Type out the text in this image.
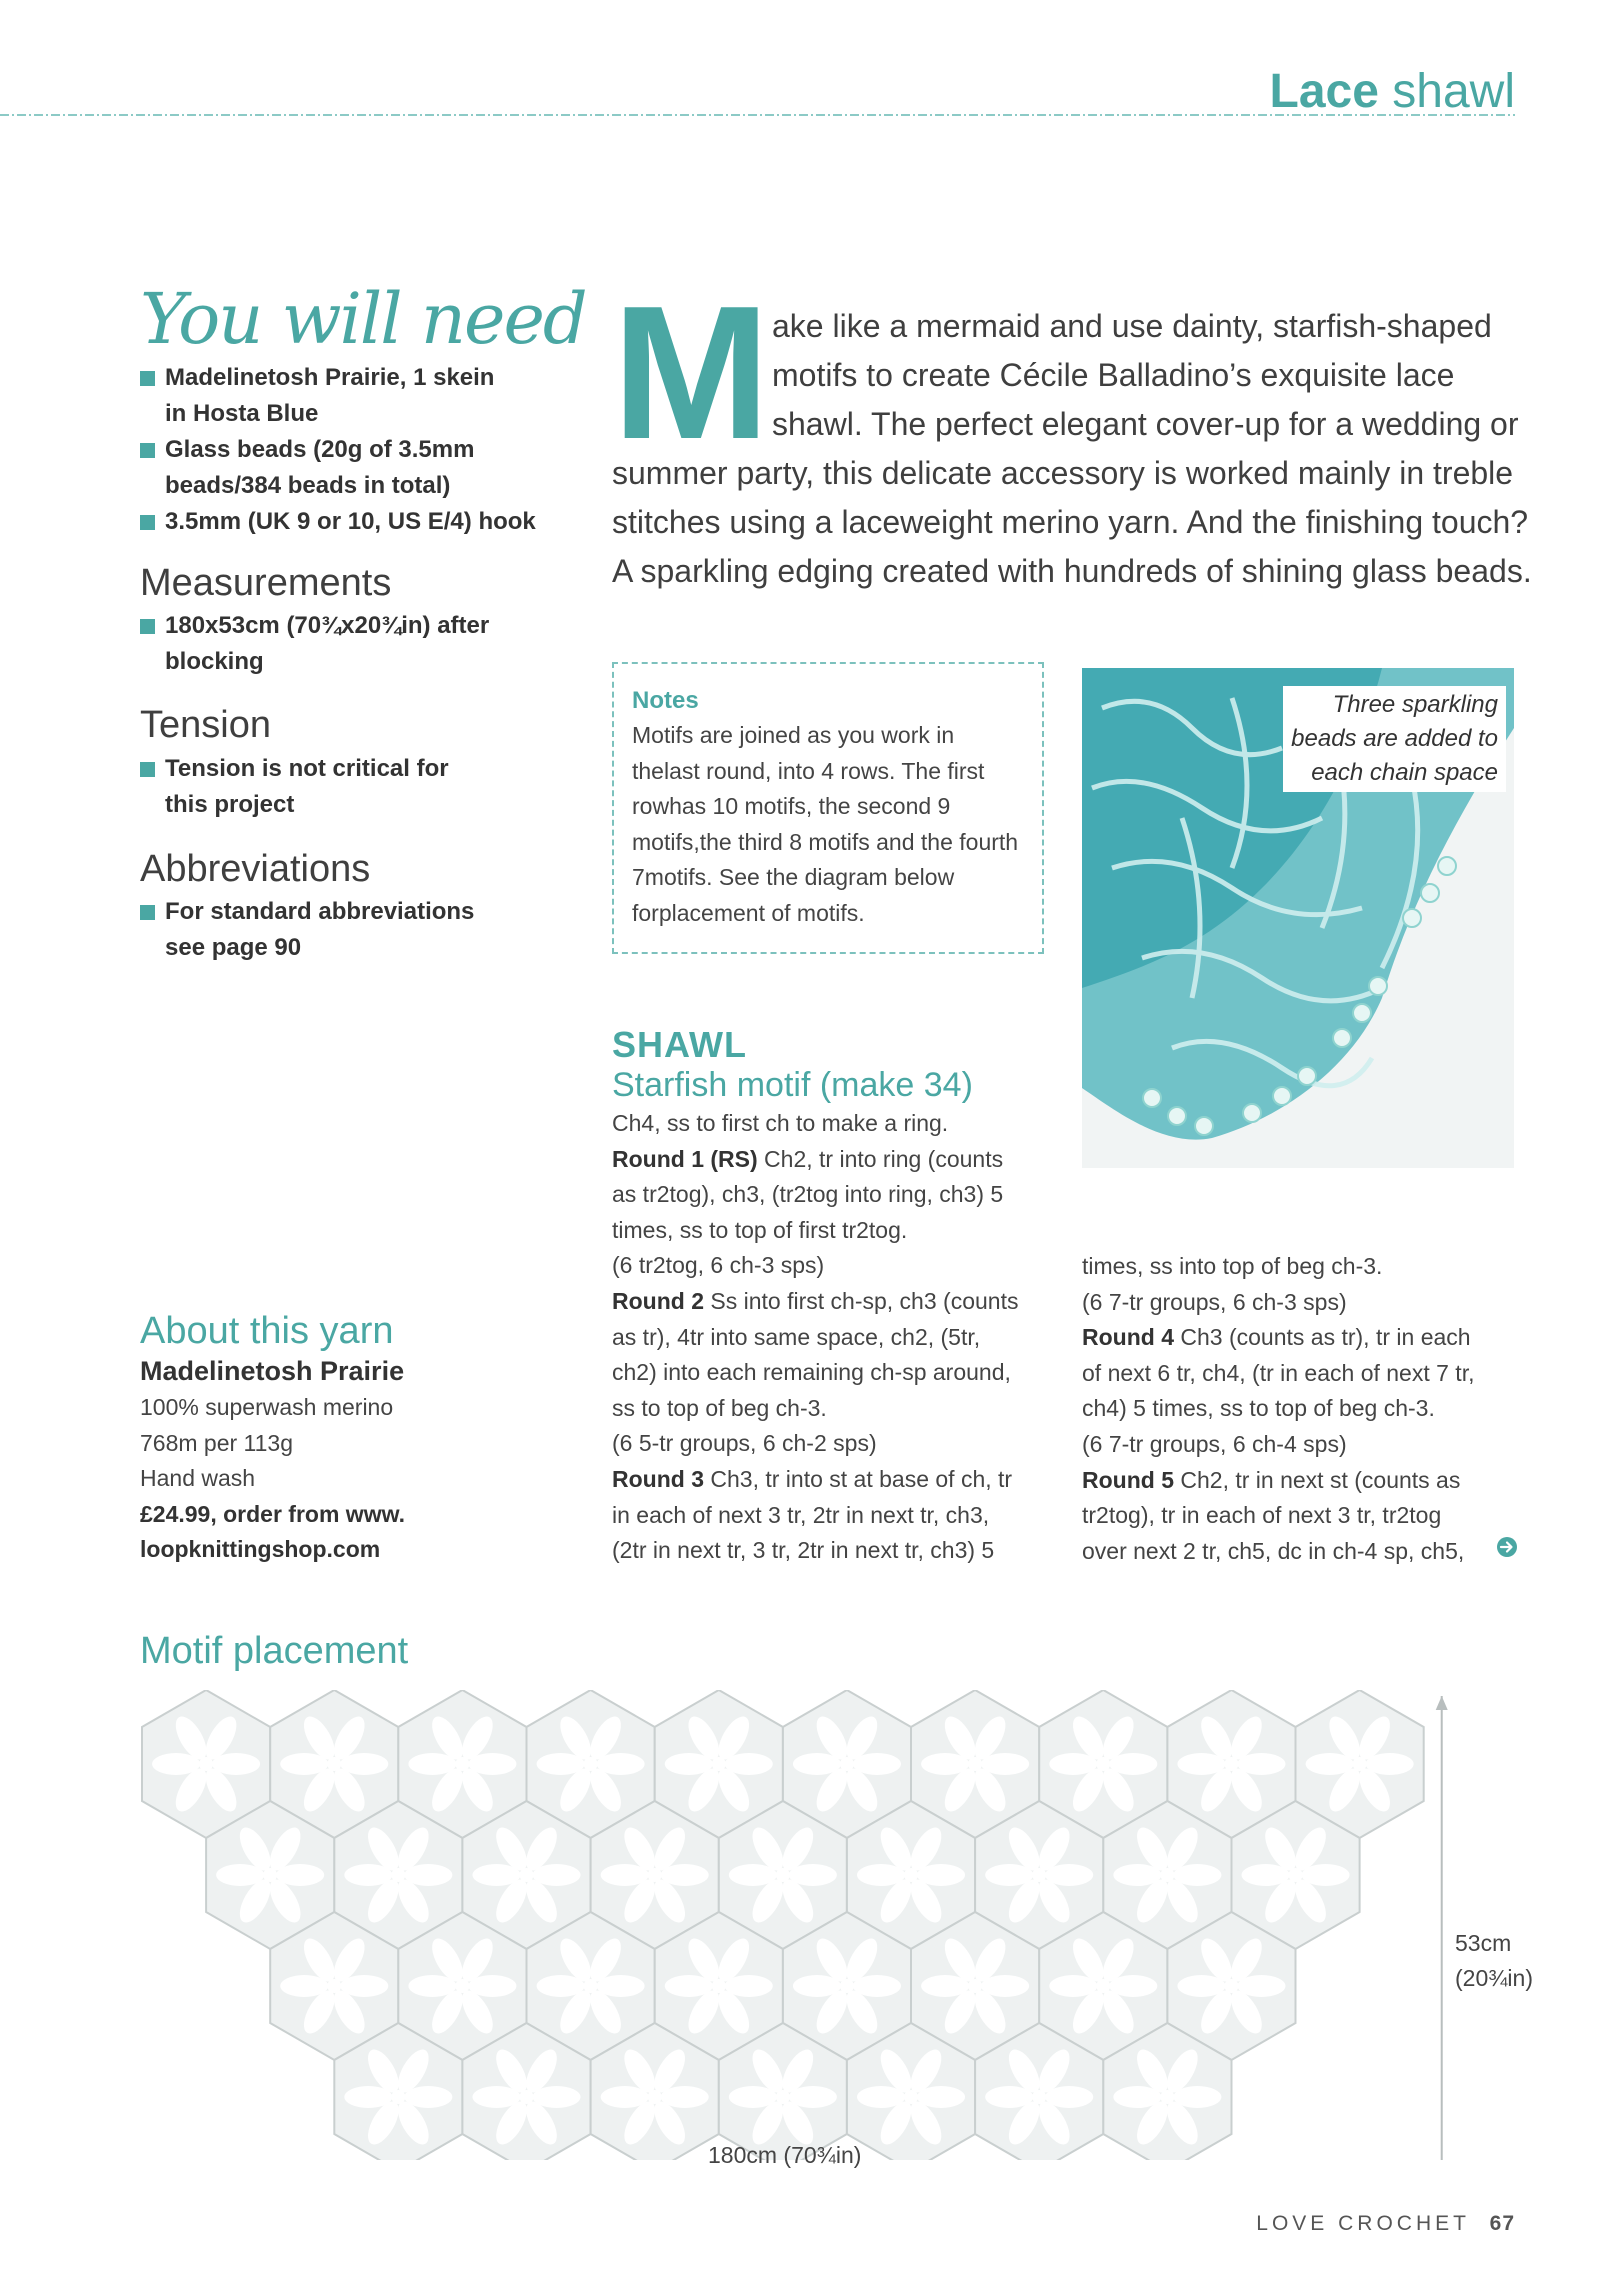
Lace shawl
You will need
Madelinetosh Prairie, 1 skein
in Hosta Blue
Glass beads (20g of 3.5mm
beads/384 beads in total)
3.5mm (UK 9 or 10, US E/4) hook
Measurements
180x53cm (70¾x20¾in) after
blocking
Tension
Tension is not critical for
this project
Abbreviations
For standard abbreviations
see page 90
M ake like a mermaid and use dainty, starfish-shaped
motifs to create Cécile Balladino’s exquisite lace
shawl. The perfect elegant cover-up for a wedding or
summer party, this delicate accessory is worked mainly in treble
stitches using a laceweight merino yarn. And the finishing touch?
A sparkling edging created with hundreds of shining glass beads.
Notes
Motifs are joined as you work in thelast round, into 4 rows. The first rowhas 10 motifs, the second 9 motifs,the third 8 motifs and the fourth 7motifs. See the diagram below forplacement of motifs.
Three sparkling
beads are added to
each chain space
SHAWL
Starfish motif (make 34)
Ch4, ss to first ch to make a ring.
Round 1 (RS) Ch2, tr into ring (counts
as tr2tog), ch3, (tr2tog into ring, ch3) 5
times, ss to top of first tr2tog.
(6 tr2tog, 6 ch-3 sps)
Round 2 Ss into first ch-sp, ch3 (counts
as tr), 4tr into same space, ch2, (5tr,
ch2) into each remaining ch-sp around,
ss to top of beg ch-3.
(6 5-tr groups, 6 ch-2 sps)
Round 3 Ch3, tr into st at base of ch, tr
in each of next 3 tr, 2tr in next tr, ch3,
(2tr in next tr, 3 tr, 2tr in next tr, ch3) 5
times, ss into top of beg ch-3.
(6 7-tr groups, 6 ch-3 sps)
Round 4 Ch3 (counts as tr), tr in each
of next 6 tr, ch4, (tr in each of next 7 tr,
ch4) 5 times, ss to top of beg ch-3.
(6 7-tr groups, 6 ch-4 sps)
Round 5 Ch2, tr in next st (counts as
tr2tog), tr in each of next 3 tr, tr2tog
over next 2 tr, ch5, dc in ch-4 sp, ch5,
About this yarn
Madelinetosh Prairie
100% superwash merino
768m per 113g
Hand wash
£24.99, order from www.
loopknittingshop.com
Motif placement
180cm (70¾in)
53cm
(20¾in)
LOVE CROCHET 67
